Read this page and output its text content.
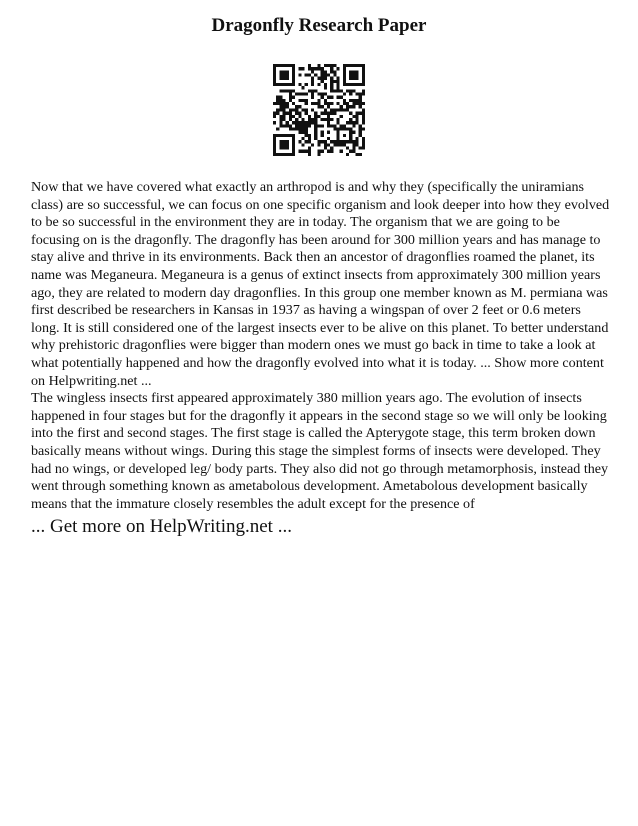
Dragonfly Research Paper

Now that we have covered what exactly an arthropod is and why they (specifically the uniramians class) are so successful, we can focus on one specific organism and look deeper into how they evolved to be so successful in the environment they are in today. The organism that we are going to be focusing on is the dragonfly. The dragonfly has been around for 300 million years and has manage to stay alive and thrive in its environments. Back then an ancestor of dragonflies roamed the planet, its name was Meganeura. Meganeura is a genus of extinct insects from approximately 300 million years ago, they are related to modern day dragonflies. In this group one member known as M. permiana was first described be researchers in Kansas in 1937 as having a wingspan of over 2 feet or 0.6 meters long. It is still considered one of the largest insects ever to be alive on this planet. To better understand why prehistoric dragonflies were bigger than modern ones we must go back in time to take a look at what potentially happened and how the dragonfly evolved into what it is today. ... Show more content on Helpwriting.net ...

The wingless insects first appeared approximately 380 million years ago. The evolution of insects happened in four stages but for the dragonfly it appears in the second stage so we will only be looking into the first and second stages. The first stage is called the Apterygote stage, this term broken down basically means without wings. During this stage the simplest forms of insects were developed. They had no wings, or developed leg/ body parts. They also did not go through metamorphosis, instead they went through something known as ametabolous development. Ametabolous development basically means that the immature closely resembles the adult except for the presence of

... Get more on HelpWriting.net ...
